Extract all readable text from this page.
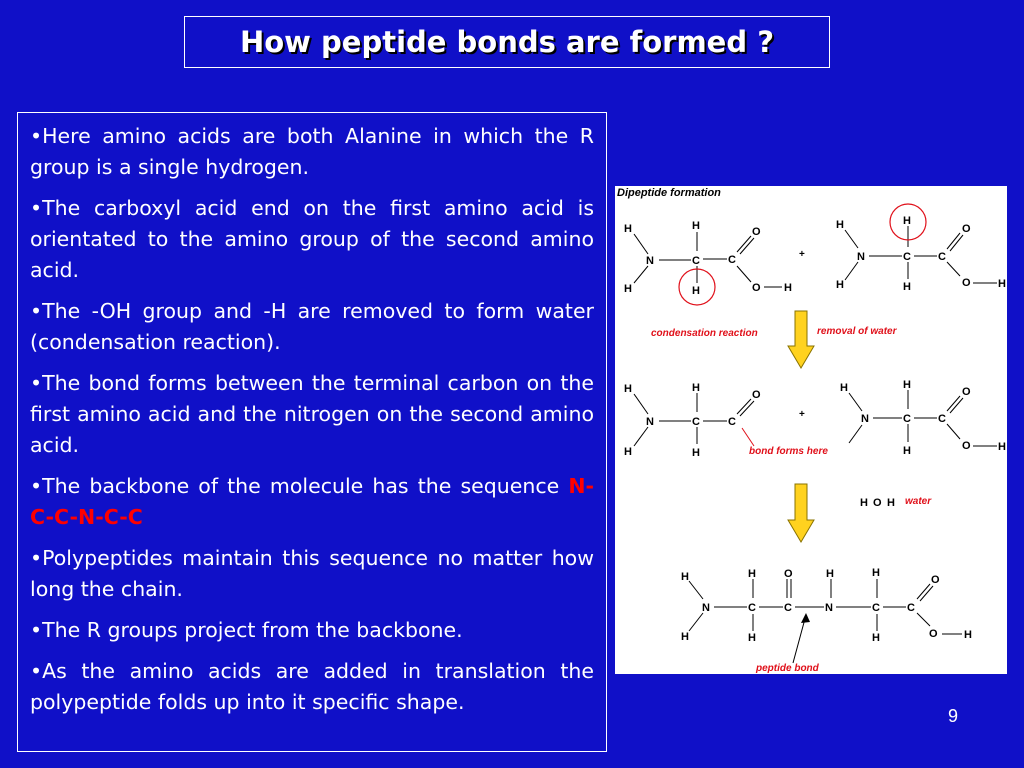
How peptide bonds are formed ?

•Here amino acids are both Alanine in which the R group is a single hydrogen.

•The carboxyl acid end on the first amino acid is orientated to the amino group of the second amino acid.

•The -OH group and -H are removed to form water (condensation reaction).

•The bond forms between the terminal carbon on the first amino acid and the nitrogen on the second amino acid.

•The backbone of the molecule has the sequence N-C-C-N-C-C

•Polypeptides maintain this sequence no matter how long the chain.

•The R groups project from the backbone.

•As the amino acids are added in translation the polypeptide folds up into it specific shape.

Dipeptide formation
H
N
H
H
C
H
C
O
O H
+
H
N
H
H
C
H
C
O
O H
condensation reaction	removal of water
H
N
H
H
C
H
C
O
+
bond forms here
H
N
H
C
H
C
O
O H
H O H water
H
N
H
H
C
H
O
C
H
N
H
C
H
C
O
O H
peptide bond
9
